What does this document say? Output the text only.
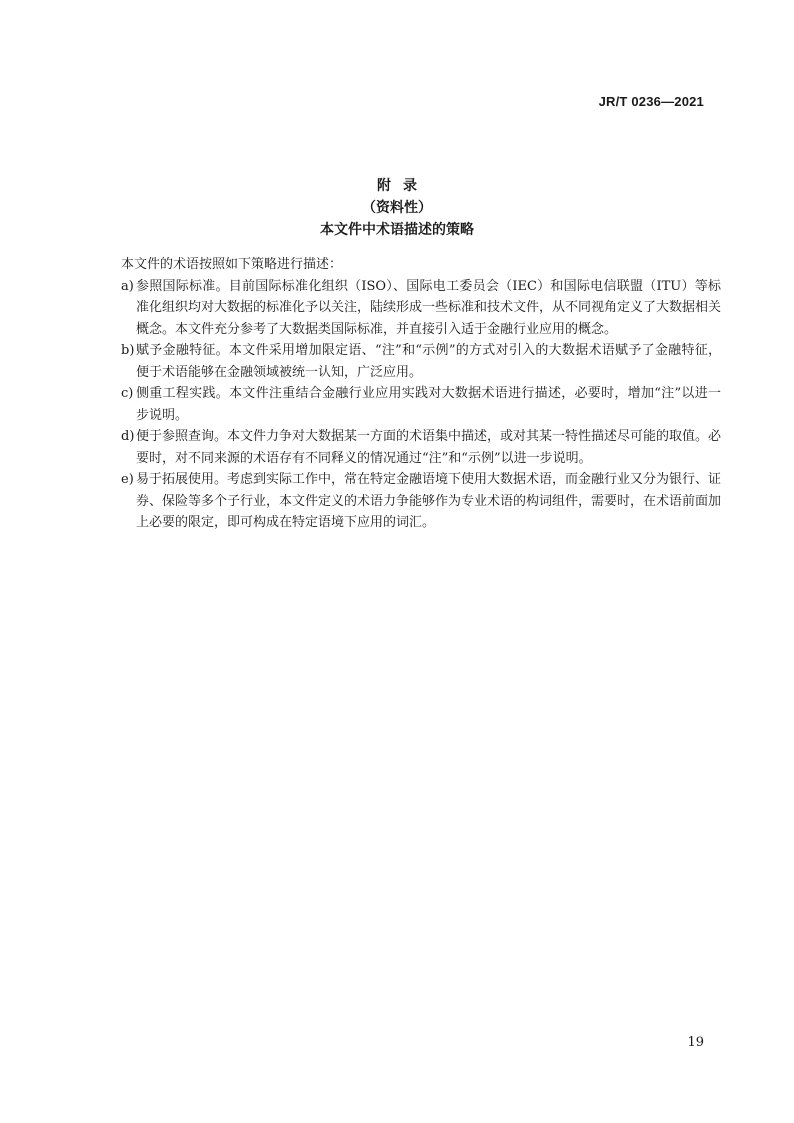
JR/T 0236—2021
附录
（资料性）
本文件中术语描述的策略

本文件的术语按照如下策略进行描述：

a) 参照国际标准。目前国际标准化组织（ISO）、国际电工委员会（IEC）和国际电信联盟（ITU）等标准化组织均对大数据的标准化予以关注，陆续形成一些标准和技术文件，从不同视角定义了大数据相关概念。本文件充分参考了大数据类国际标准，并直接引入适于金融行业应用的概念。
b) 赋予金融特征。本文件采用增加限定语、“注”和“示例”的方式对引入的大数据术语赋予了金融特征，便于术语能够在金融领域被统一认知，广泛应用。
c) 侧重工程实践。本文件注重结合金融行业应用实践对大数据术语进行描述，必要时，增加“注”以进一步说明。
d) 便于参照查询。本文件力争对大数据某一方面的术语集中描述，或对其某一特性描述尽可能的取值。必要时，对不同来源的术语存有不同释义的情况通过“注”和“示例”以进一步说明。
e) 易于拓展使用。考虑到实际工作中，常在特定金融语境下使用大数据术语，而金融行业又分为银行、证券、保险等多个子行业，本文件定义的术语力争能够作为专业术语的构词组件，需要时，在术语前面加上必要的限定，即可构成在特定语境下应用的词汇。
19
